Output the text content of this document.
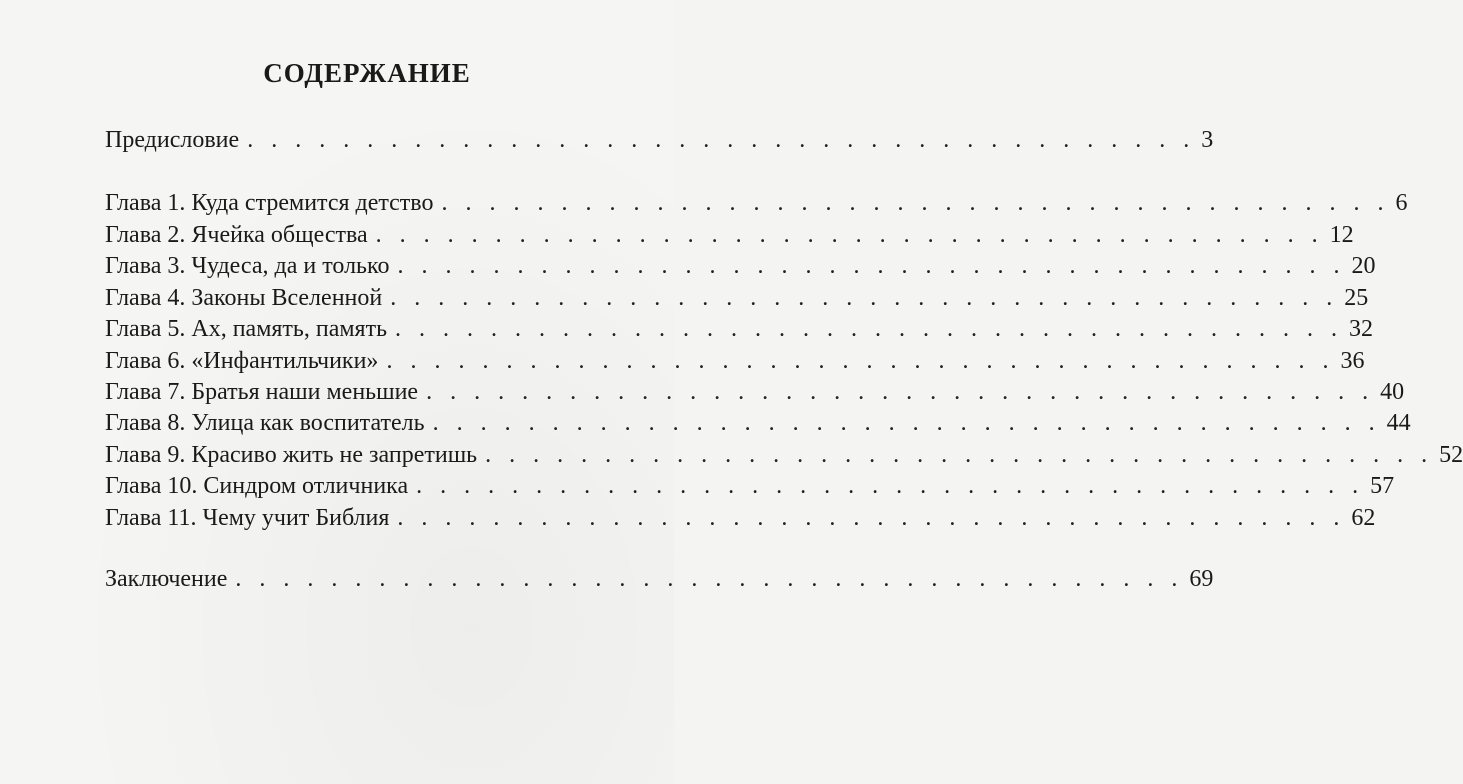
СОДЕРЖАНИЕ
Предисловие . . . . . . . . . . . . . . . . . . . . . . . . . . . . . . . . . . . . . . . . 3
Глава 1. Куда стремится детство . . . . . . . . . . . . . . . . . . . . . . . . . . . . . . . . . . . . . . . . 6
Глава 2. Ячейка общества . . . . . . . . . . . . . . . . . . . . . . . . . . . . . . . . . . . . . . . . 12
Глава 3. Чудеса, да и только . . . . . . . . . . . . . . . . . . . . . . . . . . . . . . . . . . . . . . . . 20
Глава 4. Законы Вселенной . . . . . . . . . . . . . . . . . . . . . . . . . . . . . . . . . . . . . . . . 25
Глава 5. Ах, память, память . . . . . . . . . . . . . . . . . . . . . . . . . . . . . . . . . . . . . . . . 32
Глава 6. «Инфантильчики» . . . . . . . . . . . . . . . . . . . . . . . . . . . . . . . . . . . . . . . . 36
Глава 7. Братья наши меньшие . . . . . . . . . . . . . . . . . . . . . . . . . . . . . . . . . . . . . . . . 40
Глава 8. Улица как воспитатель . . . . . . . . . . . . . . . . . . . . . . . . . . . . . . . . . . . . . . . . 44
Глава 9. Красиво жить не запретишь . . . . . . . . . . . . . . . . . . . . . . . . . . . . . . . . . . . . . . . . 52
Глава 10. Синдром отличника . . . . . . . . . . . . . . . . . . . . . . . . . . . . . . . . . . . . . . . . 57
Глава 11. Чему учит Библия . . . . . . . . . . . . . . . . . . . . . . . . . . . . . . . . . . . . . . . . 62
Заключение . . . . . . . . . . . . . . . . . . . . . . . . . . . . . . . . . . . . . . . . 69
